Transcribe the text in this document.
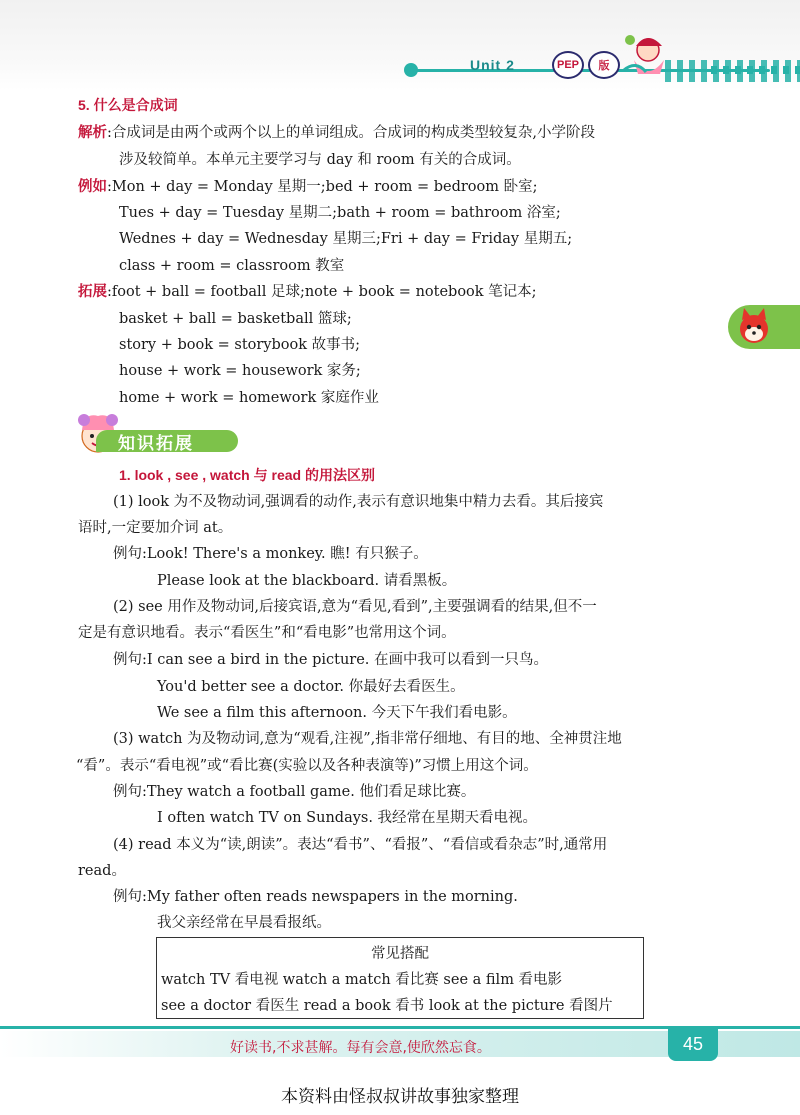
Unit 2	PEP	版
5. 什么是合成词
解析:合成词是由两个或两个以上的单词组成。合成词的构成类型较复杂,小学阶段
涉及较简单。本单元主要学习与 day 和 room 有关的合成词。
例如:Mon + day = Monday 星期一;bed + room = bedroom 卧室;
Tues + day = Tuesday 星期二;bath + room = bathroom 浴室;
Wednes + day = Wednesday 星期三;Fri + day = Friday 星期五;
class + room = classroom 教室
拓展:foot + ball = football 足球;note + book = notebook 笔记本;
basket + ball = basketball 篮球;
story + book = storybook 故事书;
house + work = housework 家务;
home + work = homework 家庭作业
知识拓展
1. look , see , watch 与 read 的用法区别
(1) look 为不及物动词,强调看的动作,表示有意识地集中精力去看。其后接宾
语时,一定要加介词 at。
例句:Look! There's a monkey. 瞧! 有只猴子。
Please look at the blackboard. 请看黑板。
(2) see 用作及物动词,后接宾语,意为“看见,看到”,主要强调看的结果,但不一
定是有意识地看。表示“看医生”和“看电影”也常用这个词。
例句:I can see a bird in the picture. 在画中我可以看到一只鸟。
You'd better see a doctor. 你最好去看医生。
We see a film this afternoon. 今天下午我们看电影。
(3) watch 为及物动词,意为“观看,注视”,指非常仔细地、有目的地、全神贯注地
“看”。表示“看电视”或“看比赛(实验以及各种表演等)”习惯上用这个词。
例句:They watch a football game. 他们看足球比赛。
I often watch TV on Sundays. 我经常在星期天看电视。
(4) read 本义为“读,朗读”。表达“看书”、“看报”、“看信或看杂志”时,通常用
read。
例句:My father often reads newspapers in the morning.
我父亲经常在早晨看报纸。
常见搭配
watch TV 看电视 watch a match 看比赛 see a film 看电影
see a doctor 看医生 read a book 看书 look at the picture 看图片
好读书,不求甚解。每有会意,使欣然忘食。	45
本资料由怪叔叔讲故事独家整理
